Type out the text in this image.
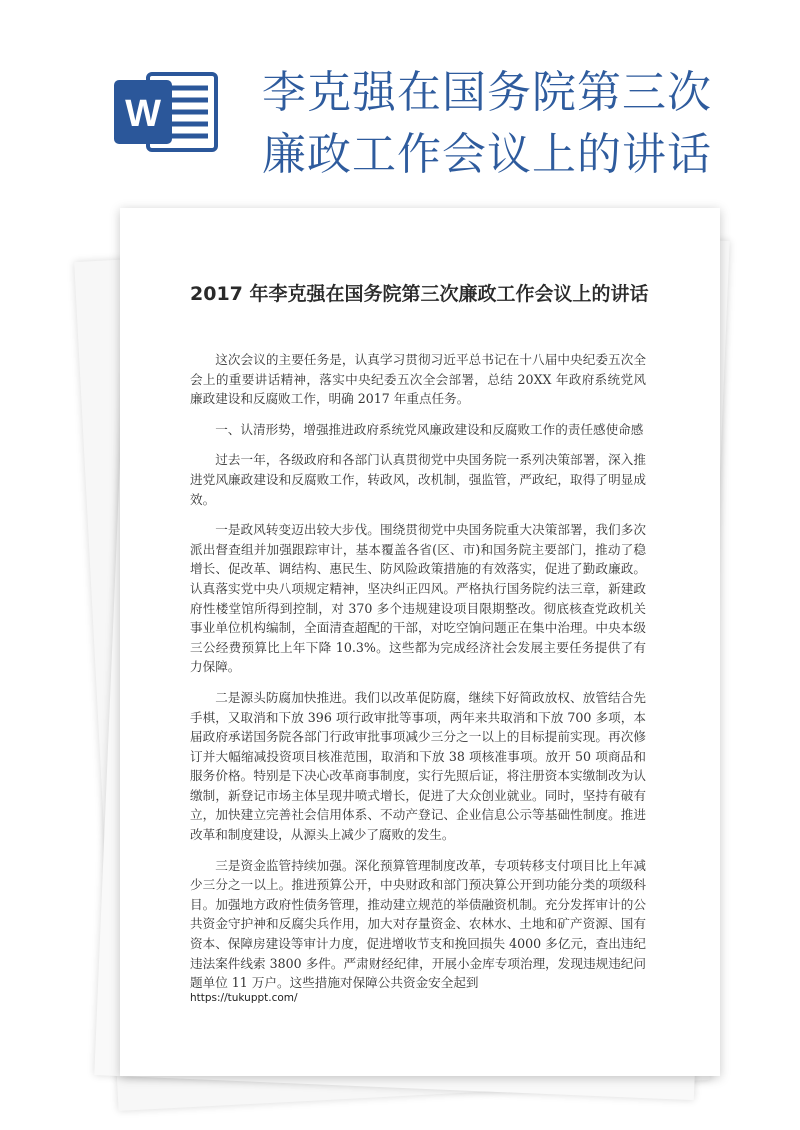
W 李克强在国务院第三次
廉政工作会议上的讲话
2017 年李克强在国务院第三次廉政工作会议上的讲话

这次会议的主要任务是，认真学习贯彻习近平总书记在十八届中央纪委五次全会上的重要讲话精神，落实中央纪委五次全会部署，总结 20XX 年政府系统党风廉政建设和反腐败工作，明确 2017 年重点任务。

一、认清形势，增强推进政府系统党风廉政建设和反腐败工作的责任感使命感

过去一年，各级政府和各部门认真贯彻党中央国务院一系列决策部署，深入推进党风廉政建设和反腐败工作，转政风，改机制，强监管，严政纪，取得了明显成效。

一是政风转变迈出较大步伐。围绕贯彻党中央国务院重大决策部署，我们多次派出督查组并加强跟踪审计，基本覆盖各省(区、市)和国务院主要部门，推动了稳增长、促改革、调结构、惠民生、防风险政策措施的有效落实，促进了勤政廉政。认真落实党中央八项规定精神，坚决纠正四风。严格执行国务院约法三章，新建政府性楼堂馆所得到控制，对 370 多个违规建设项目限期整改。彻底核查党政机关事业单位机构编制，全面清查超配的干部，对吃空饷问题正在集中治理。中央本级三公经费预算比上年下降 10.3%。这些都为完成经济社会发展主要任务提供了有力保障。

二是源头防腐加快推进。我们以改革促防腐，继续下好简政放权、放管结合先手棋，又取消和下放 396 项行政审批等事项，两年来共取消和下放 700 多项，本届政府承诺国务院各部门行政审批事项减少三分之一以上的目标提前实现。再次修订并大幅缩减投资项目核准范围，取消和下放 38 项核准事项。放开 50 项商品和服务价格。特别是下决心改革商事制度，实行先照后证，将注册资本实缴制改为认缴制，新登记市场主体呈现井喷式增长，促进了大众创业就业。同时，坚持有破有立，加快建立完善社会信用体系、不动产登记、企业信息公示等基础性制度。推进改革和制度建设，从源头上减少了腐败的发生。

三是资金监管持续加强。深化预算管理制度改革，专项转移支付项目比上年减少三分之一以上。推进预算公开，中央财政和部门预决算公开到功能分类的项级科目。加强地方政府性债务管理，推动建立规范的举债融资机制。充分发挥审计的公共资金守护神和反腐尖兵作用，加大对存量资金、农林水、土地和矿产资源、国有资本、保障房建设等审计力度，促进增收节支和挽回损失 4000 多亿元，查出违纪违法案件线索 3800 多件。严肃财经纪律，开展小金库专项治理，发现违规违纪问题单位 11 万户。这些措施对保障公共资金安全起到

https://tukuppt.com/
